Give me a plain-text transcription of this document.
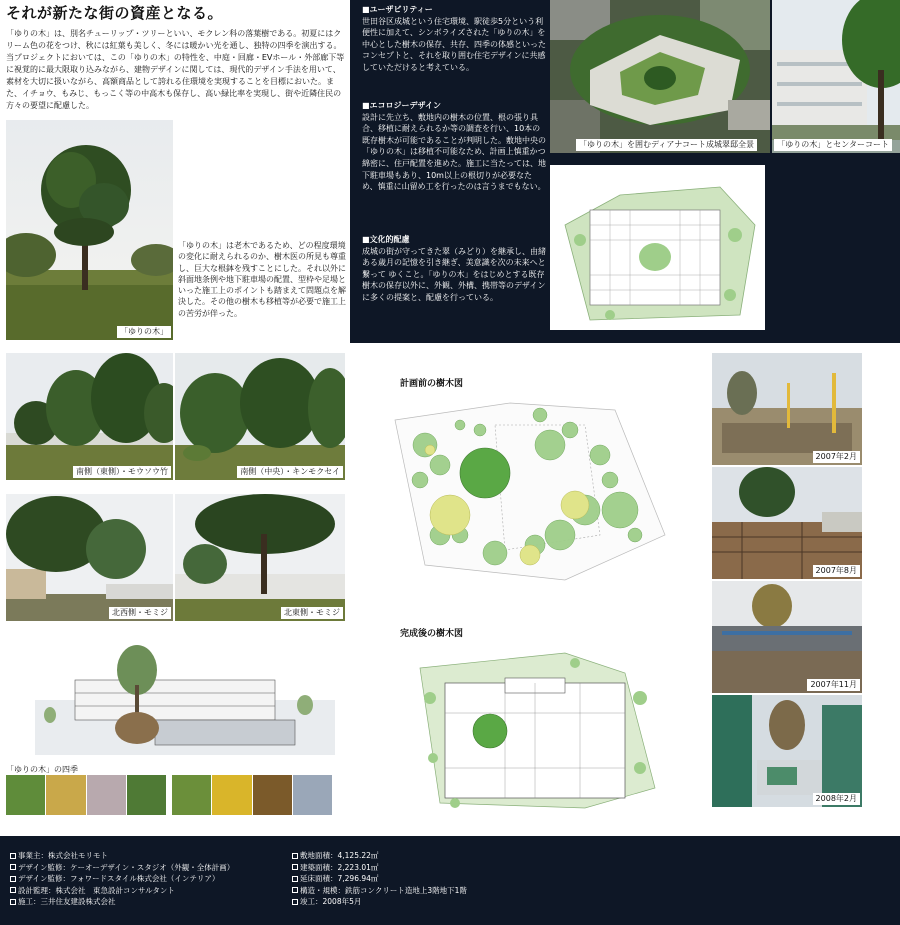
それが新たな街の資産となる。
「ゆりの木」は、別名チューリップ・ツリーといい、モクレン科の落葉樹である。初夏にはクリーム色の花をつけ、秋には紅葉も美しく、冬には暖かい光を通し、独特の四季を演出する。当プロジェクトにおいては、この「ゆりの木」の特性を、中庭・回廊・EVホール・外部廊下等に視覚的に最大限取り込みながら、建物デザインに関しては、現代的デザイン手法を用いて、素材を大切に扱いながら、高額商品として誇れる住環境を実現することを目標においた。また、イチョウ、もみじ、もっこく等の中高木も保存し、高い緑比率を実現し、街や近隣住民の方々の要望に配慮した。
「ゆりの木」
「ゆりの木」は老木であるため、どの程度環境の変化に耐えられるのか、樹木医の所見も尊重し、巨大な根鉢を残すことにした。それ以外に斜面地条例や地下駐車場の配置、型枠や足場といった施工上のポイントも踏まえて問題点を解決した。その他の樹木も移植等が必要で施工上の苦労が伴った。
■ユーザビリティー
世田谷区成城という住宅環境、駅徒歩5分という利便性に加えて、シンボライズされた「ゆりの木」を中心とした樹木の保存、共存、四季の体感といったコンセプトと、それを取り囲む住宅デザインに共感していただけると考えている。
■エコロジーデザイン
設計に先立ち、敷地内の樹木の位置、根の張り具合、移植に耐えられるか等の調査を行い、10本の既存樹木が可能であることが判明した。敷地中央の「ゆりの木」は移植不可能なため、計画上慎重かつ綿密に、住戸配置を進めた。施工に当たっては、地下駐車場もあり、10m以上の根切りが必要なため、慎重に山留め工を行ったのは言うまでもない。
■文化的配慮
成城の街が守ってきた翠（みどり）を継承し、由緒ある歳月の記憶を引き継ぎ、美意識を次の未来へと繋って ゆくこと。「ゆりの木」をはじめとする既存樹木の保存以外に、外観、外構、携帯等のデザインに多くの提案と、配慮を行っている。
「ゆりの木」を囲むディアナコート成城翠邸全景	「ゆりの木」とセンターコート
南側（東側）・モウソウ竹	南側（中央）・キンモクセイ
北西側・モミジ	北東側・モミジ
「ゆりの木」の四季
計画前の樹木図
完成後の樹木図
2007年2月
2007年8月
2007年11月
2008年2月
事業主：株式会社モリモト
デザイン監修：ケーオーデザイン・スタジオ（外観・全体計画）
デザイン監修：フォワードスタイル株式会社（インテリア）
設計監理：株式会社　東急設計コンサルタント
施工：三井住友建設株式会社
敷地面積：4,125.22㎡
建築面積：2,223.01㎡
延床面積：7,296.94㎡
構造・規模：鉄筋コンクリート造地上3階地下1階
竣工：2008年5月
